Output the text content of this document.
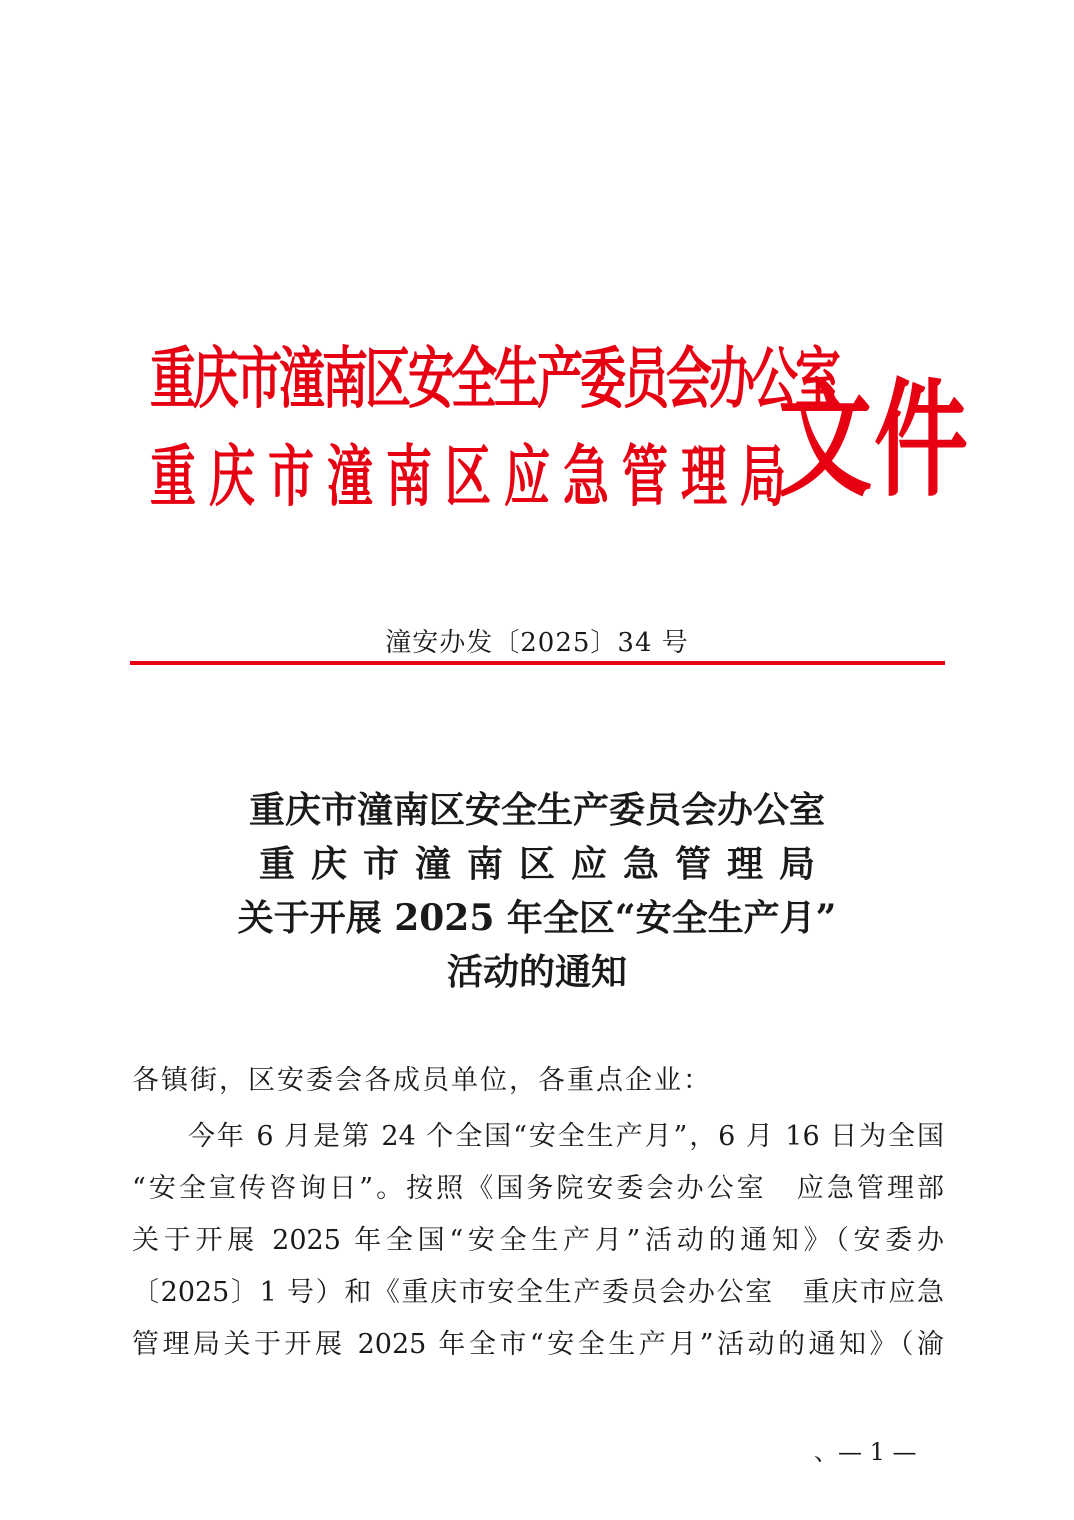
重庆市潼南区安全生产委员会办公室
重庆市潼南区应急管理局
文件
潼安办发〔2025〕34 号
重庆市潼南区安全生产委员会办公室
重庆市潼南区应急管理局
关于开展 2025 年全区“安全生产月”
活动的通知
各镇街，区安委会各成员单位，各重点企业：
今年 6 月是第 24 个全国“安全生产月”，6 月 16 日为全国
“安全宣传咨询日”。按照《国务院安委会办公室　应急管理部
关于开展 2025 年全国“安全生产月”活动的通知》（安委办
〔2025〕1 号）和《重庆市安全生产委员会办公室　重庆市应急
管理局关于开展 2025 年全市“安全生产月”活动的通知》（渝
、— 1 —
